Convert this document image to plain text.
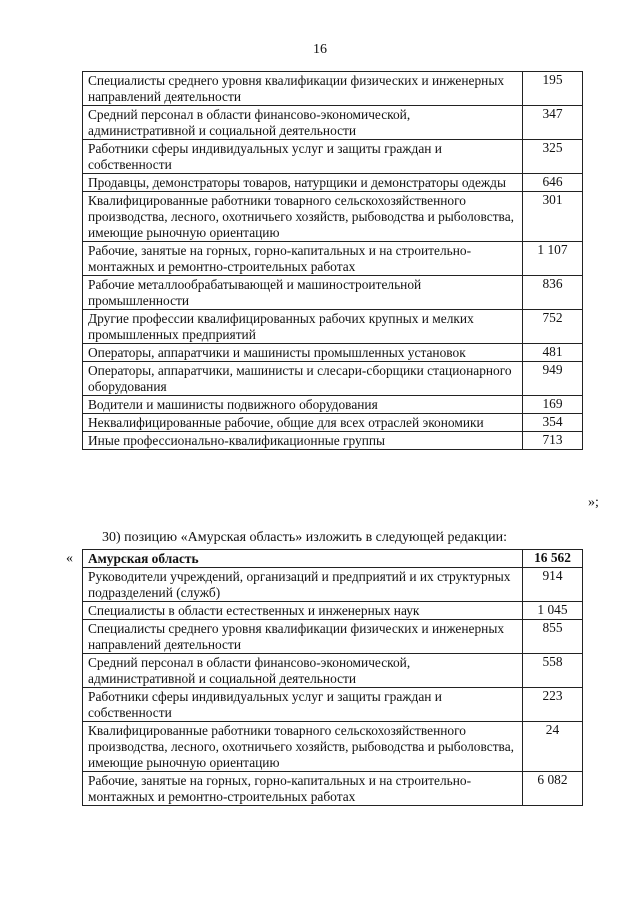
16
Специалисты среднего уровня квалификации физических и инженерных направлений деятельности	195
Средний персонал в области финансово-экономической, административной и социальной деятельности	347
Работники сферы индивидуальных услуг и защиты граждан и собственности	325
Продавцы, демонстраторы товаров, натурщики и демонстраторы одежды	646
Квалифицированные работники товарного сельскохозяйственного производства, лесного, охотничьего хозяйств, рыбоводства и рыболовства, имеющие рыночную ориентацию	301
Рабочие, занятые на горных, горно-капитальных и на строительно-монтажных и ремонтно-строительных работах	1 107
Рабочие металлообрабатывающей и машиностроительной промышленности	836
Другие профессии квалифицированных рабочих крупных и мелких промышленных предприятий	752
Операторы, аппаратчики и машинисты промышленных установок	481
Операторы, аппаратчики, машинисты и слесари-сборщики стационарного оборудования	949
Водители и машинисты подвижного оборудования	169
Неквалифицированные рабочие, общие для всех отраслей экономики	354
Иные профессионально-квалификационные группы	713
»;
30) позицию «Амурская область» изложить в следующей редакции:
« Амурская область	16 562
Руководители учреждений, организаций и предприятий и их структурных подразделений (служб)	914
Специалисты в области естественных и инженерных наук	1 045
Специалисты среднего уровня квалификации физических и инженерных направлений деятельности	855
Средний персонал в области финансово-экономической, административной и социальной деятельности	558
Работники сферы индивидуальных услуг и защиты граждан и собственности	223
Квалифицированные работники товарного сельскохозяйственного производства, лесного, охотничьего хозяйств, рыбоводства и рыболовства, имеющие рыночную ориентацию	24
Рабочие, занятые на горных, горно-капитальных и на строительно-монтажных и ремонтно-строительных работах	6 082
